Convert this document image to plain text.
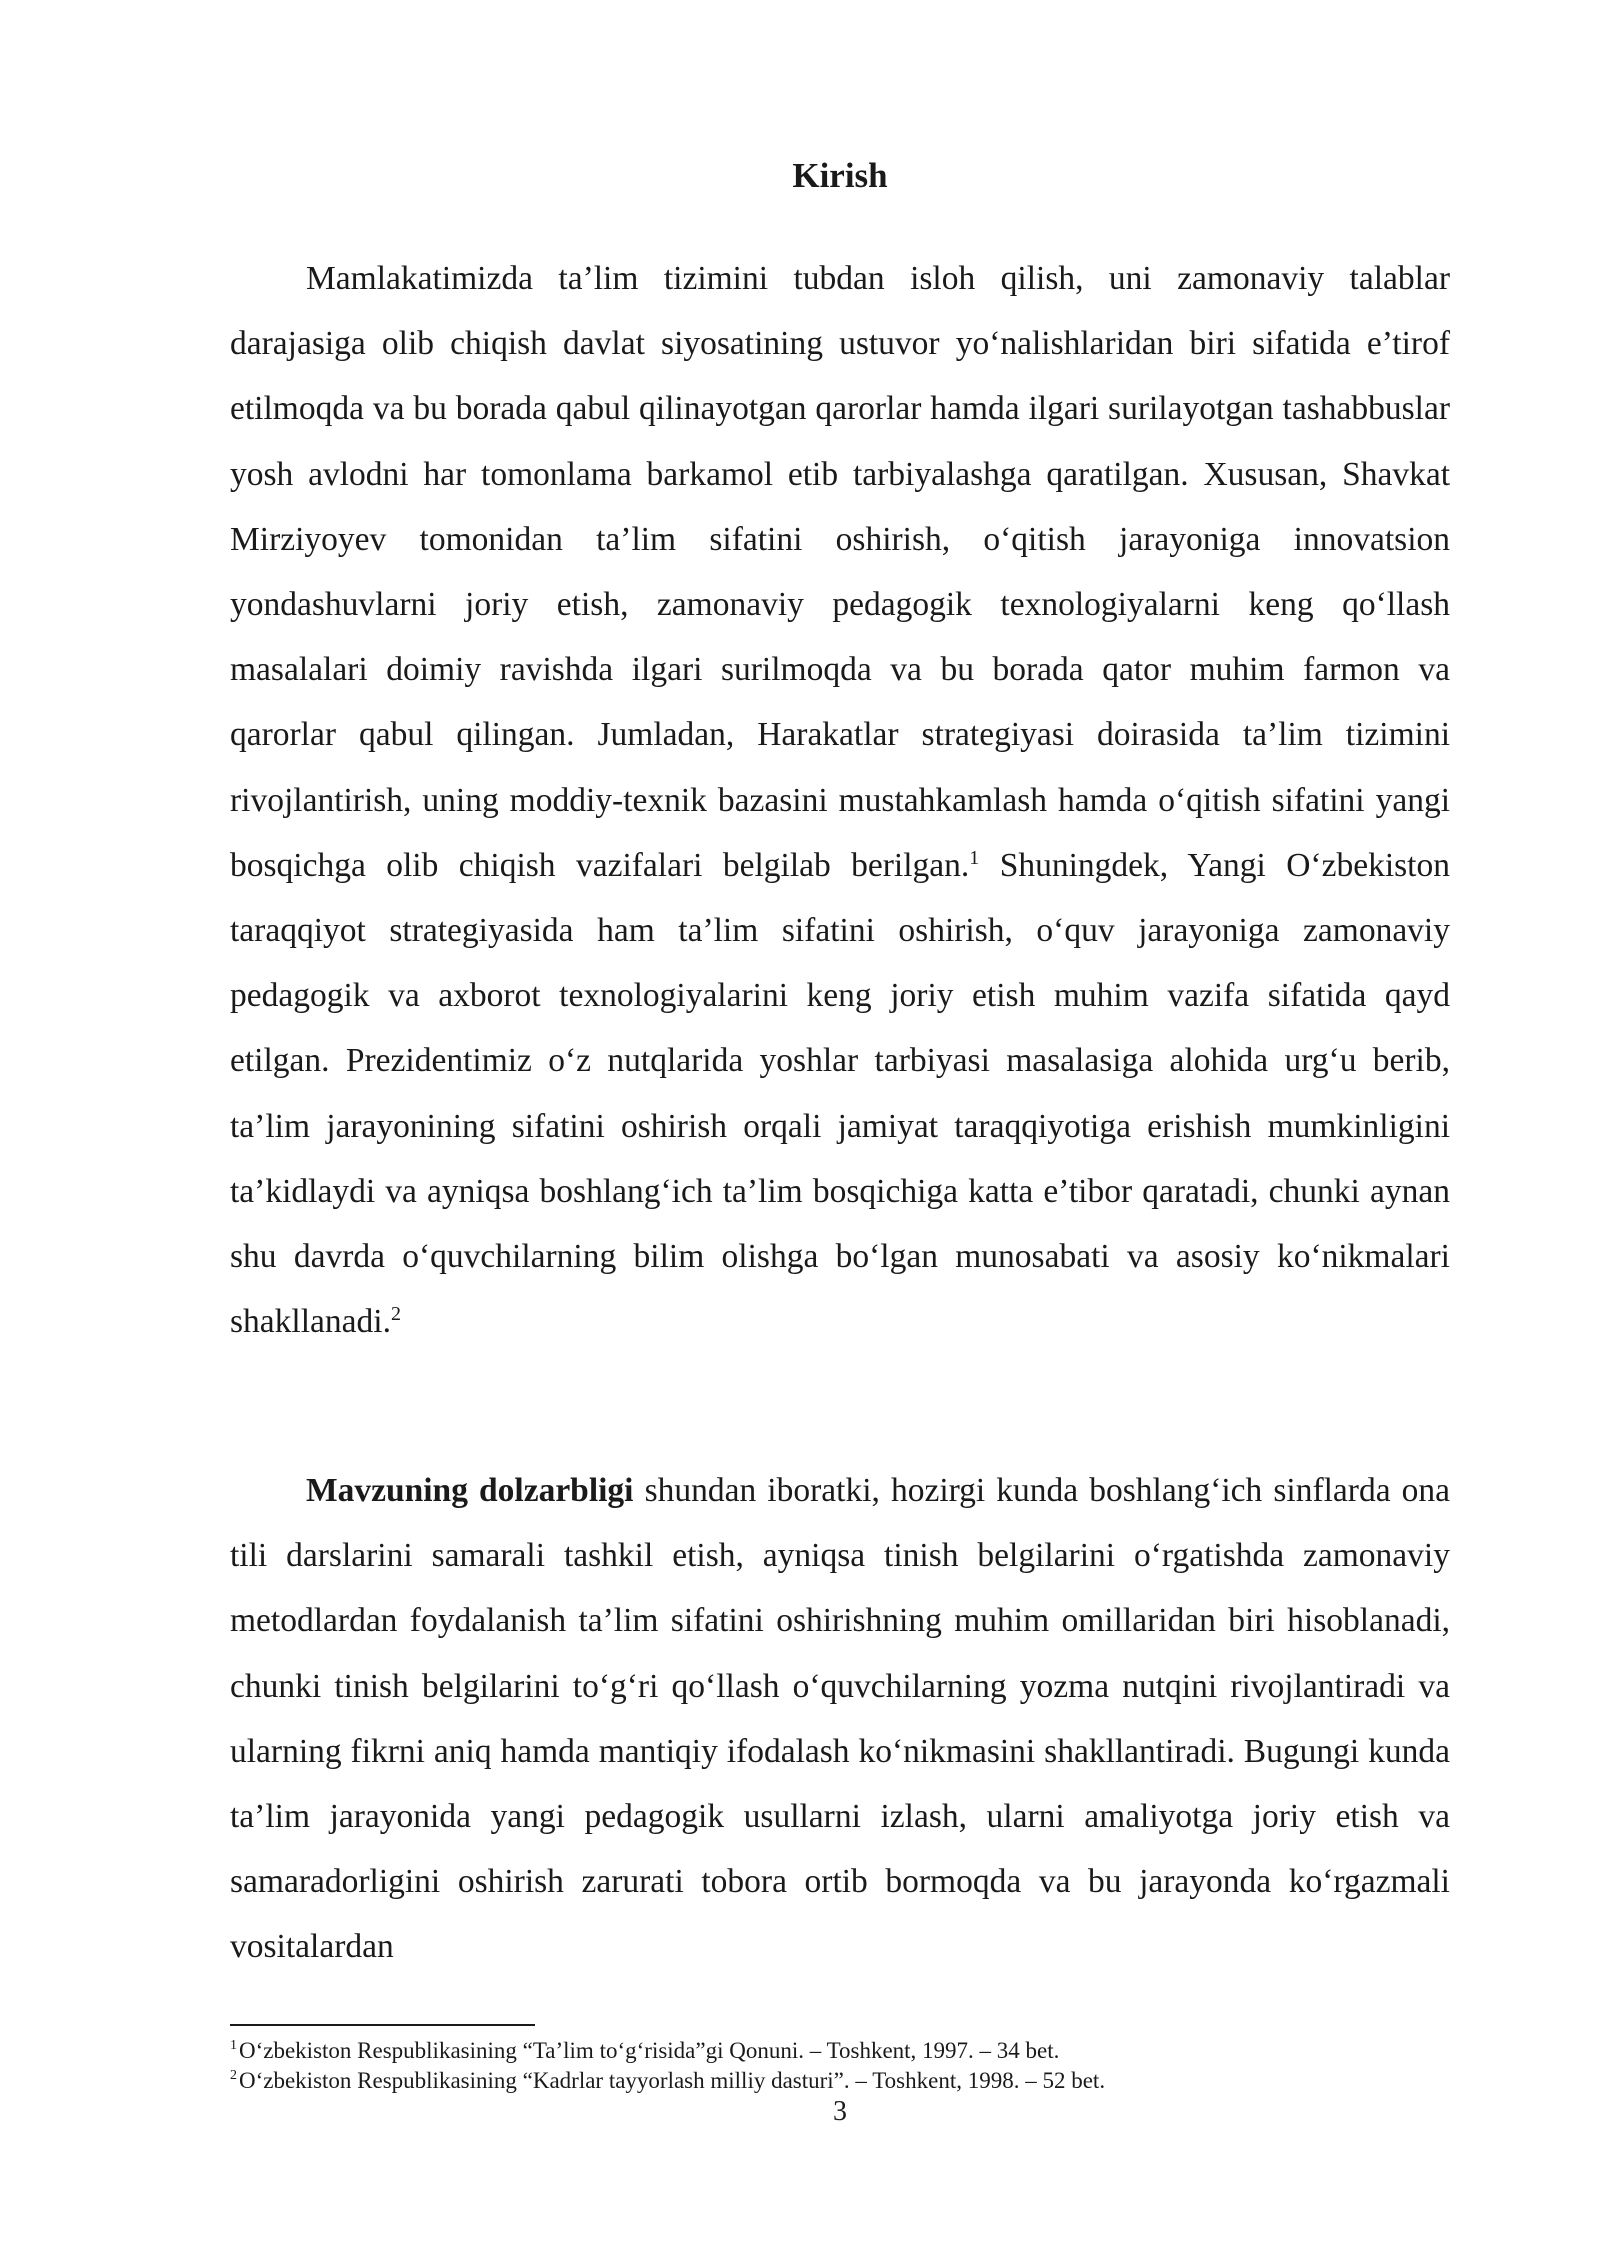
Kirish

Mamlakatimizda ta’lim tizimini tubdan isloh qilish, uni zamonaviy talablar darajasiga olib chiqish davlat siyosatining ustuvor yo‘nalishlaridan biri sifatida e’tirof etilmoqda va bu borada qabul qilinayotgan qarorlar hamda ilgari surilayotgan tashabbuslar yosh avlodni har tomonlama barkamol etib tarbiyalashga qaratilgan. Xususan, Shavkat Mirziyoyev tomonidan ta’lim sifatini oshirish, o‘qitish jarayoniga innovatsion yondashuvlarni joriy etish, zamonaviy pedagogik texnologiyalarni keng qo‘llash masalalari doimiy ravishda ilgari surilmoqda va bu borada qator muhim farmon va qarorlar qabul qilingan. Jumladan, Harakatlar strategiyasi doirasida ta’lim tizimini rivojlantirish, uning moddiy-texnik bazasini mustahkamlash hamda o‘qitish sifatini yangi bosqichga olib chiqish vazifalari belgilab berilgan.$^1$ Shuningdek, Yangi O‘zbekiston taraqqiyot strategiyasida ham ta’lim sifatini oshirish, o‘quv jarayoniga zamonaviy pedagogik va axborot texnologiyalarini keng joriy etish muhim vazifa sifatida qayd etilgan. Prezidentimiz o‘z nutqlarida yoshlar tarbiyasi masalasiga alohida urg‘u berib, ta’lim jarayonining sifatini oshirish orqali jamiyat taraqqiyotiga erishish mumkinligini ta’kidlaydi va ayniqsa boshlang‘ich ta’lim bosqichiga katta e’tibor qaratadi, chunki aynan shu davrda o‘quvchilarning bilim olishga bo‘lgan munosabati va asosiy ko‘nikmalari shakllanadi.$^2$

Mavzuning dolzarbligi shundan iboratki, hozirgi kunda boshlang‘ich sinflarda ona tili darslarini samarali tashkil etish, ayniqsa tinish belgilarini o‘rgatishda zamonaviy metodlardan foydalanish ta’lim sifatini oshirishning muhim omillaridan biri hisoblanadi, chunki tinish belgilarini to‘g‘ri qo‘llash o‘quvchilarning yozma nutqini rivojlantiradi va ularning fikrni aniq hamda mantiqiy ifodalash ko‘nikmasini shakllantiradi. Bugungi kunda ta’lim jarayonida yangi pedagogik usullarni izlash, ularni amaliyotga joriy etish va samaradorligini oshirish zarurati tobora ortib bormoqda va bu jarayonda ko‘rgazmali vositalardan

$^1$O‘zbekiston Respublikasining “Ta’lim to‘g‘risida”gi Qonuni. – Toshkent, 1997. – 34 bet.

$^2$O‘zbekiston Respublikasining “Kadrlar tayyorlash milliy dasturi”. – Toshkent, 1998. – 52 bet.

3
